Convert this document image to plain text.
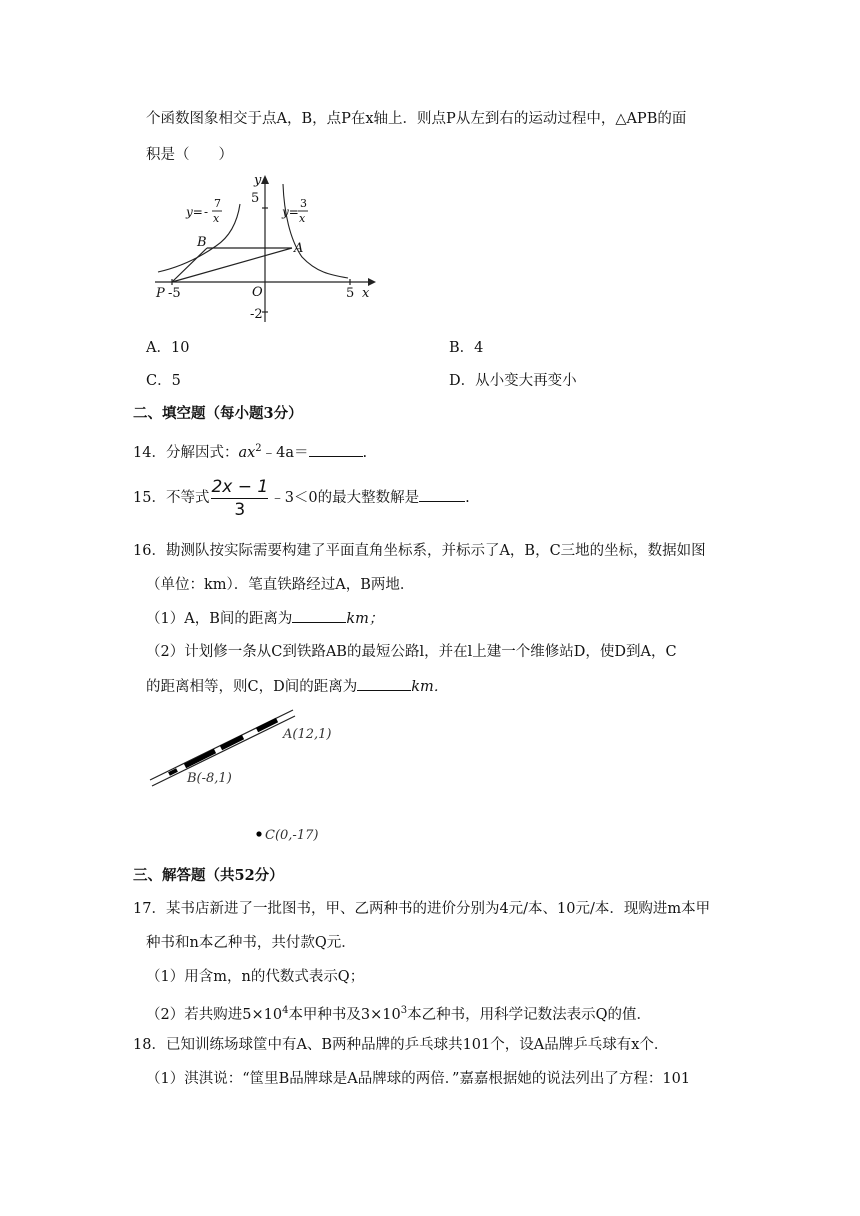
个函数图象相交于点A，B，点P在x轴上．则点P从左到右的运动过程中，△APB的面
积是（　　）
y
x
5
-2
5
-5	O
B	A
P
y= -
7
x	y=
3
x
A．10	B．4
C．5	D．从小变大再变小
二、填空题（每小题3分）
14．分解因式：$ax^2﹣4a=$	.
15．不等式 $\frac{2x - 1}{3}$ ﹣3＜0的最大整数解是	.
16．勘测队按实际需要构建了平面直角坐标系，并标示了A，B，C三地的坐标，数据如图
（单位：km）．笔直铁路经过A，B两地．
（1）A，B间的距离为	km；
（2）计划修一条从C到铁路AB的最短公路l，并在l上建一个维修站D，使D到A，C
的距离相等，则C，D间的距离为	km．
A(12,1)
B(-8,1)
C(0,-17)
三、解答题（共52分）
17．某书店新进了一批图书，甲、乙两种书的进价分别为4元/本、10元/本．现购进m本甲
种书和n本乙种书，共付款Q元．
（1）用含m，n的代数式表示Q；
（2）若共购进$5\times 10^4$本甲种书及$3\times 10^3$本乙种书，用科学记数法表示Q的值．
18．已知训练场球筐中有A、B两种品牌的乒乓球共101个，设A品牌乒乓球有x个．
（1）淇淇说：“筐里B品牌球是A品牌球的两倍．”嘉嘉根据她的说法列出了方程：101
